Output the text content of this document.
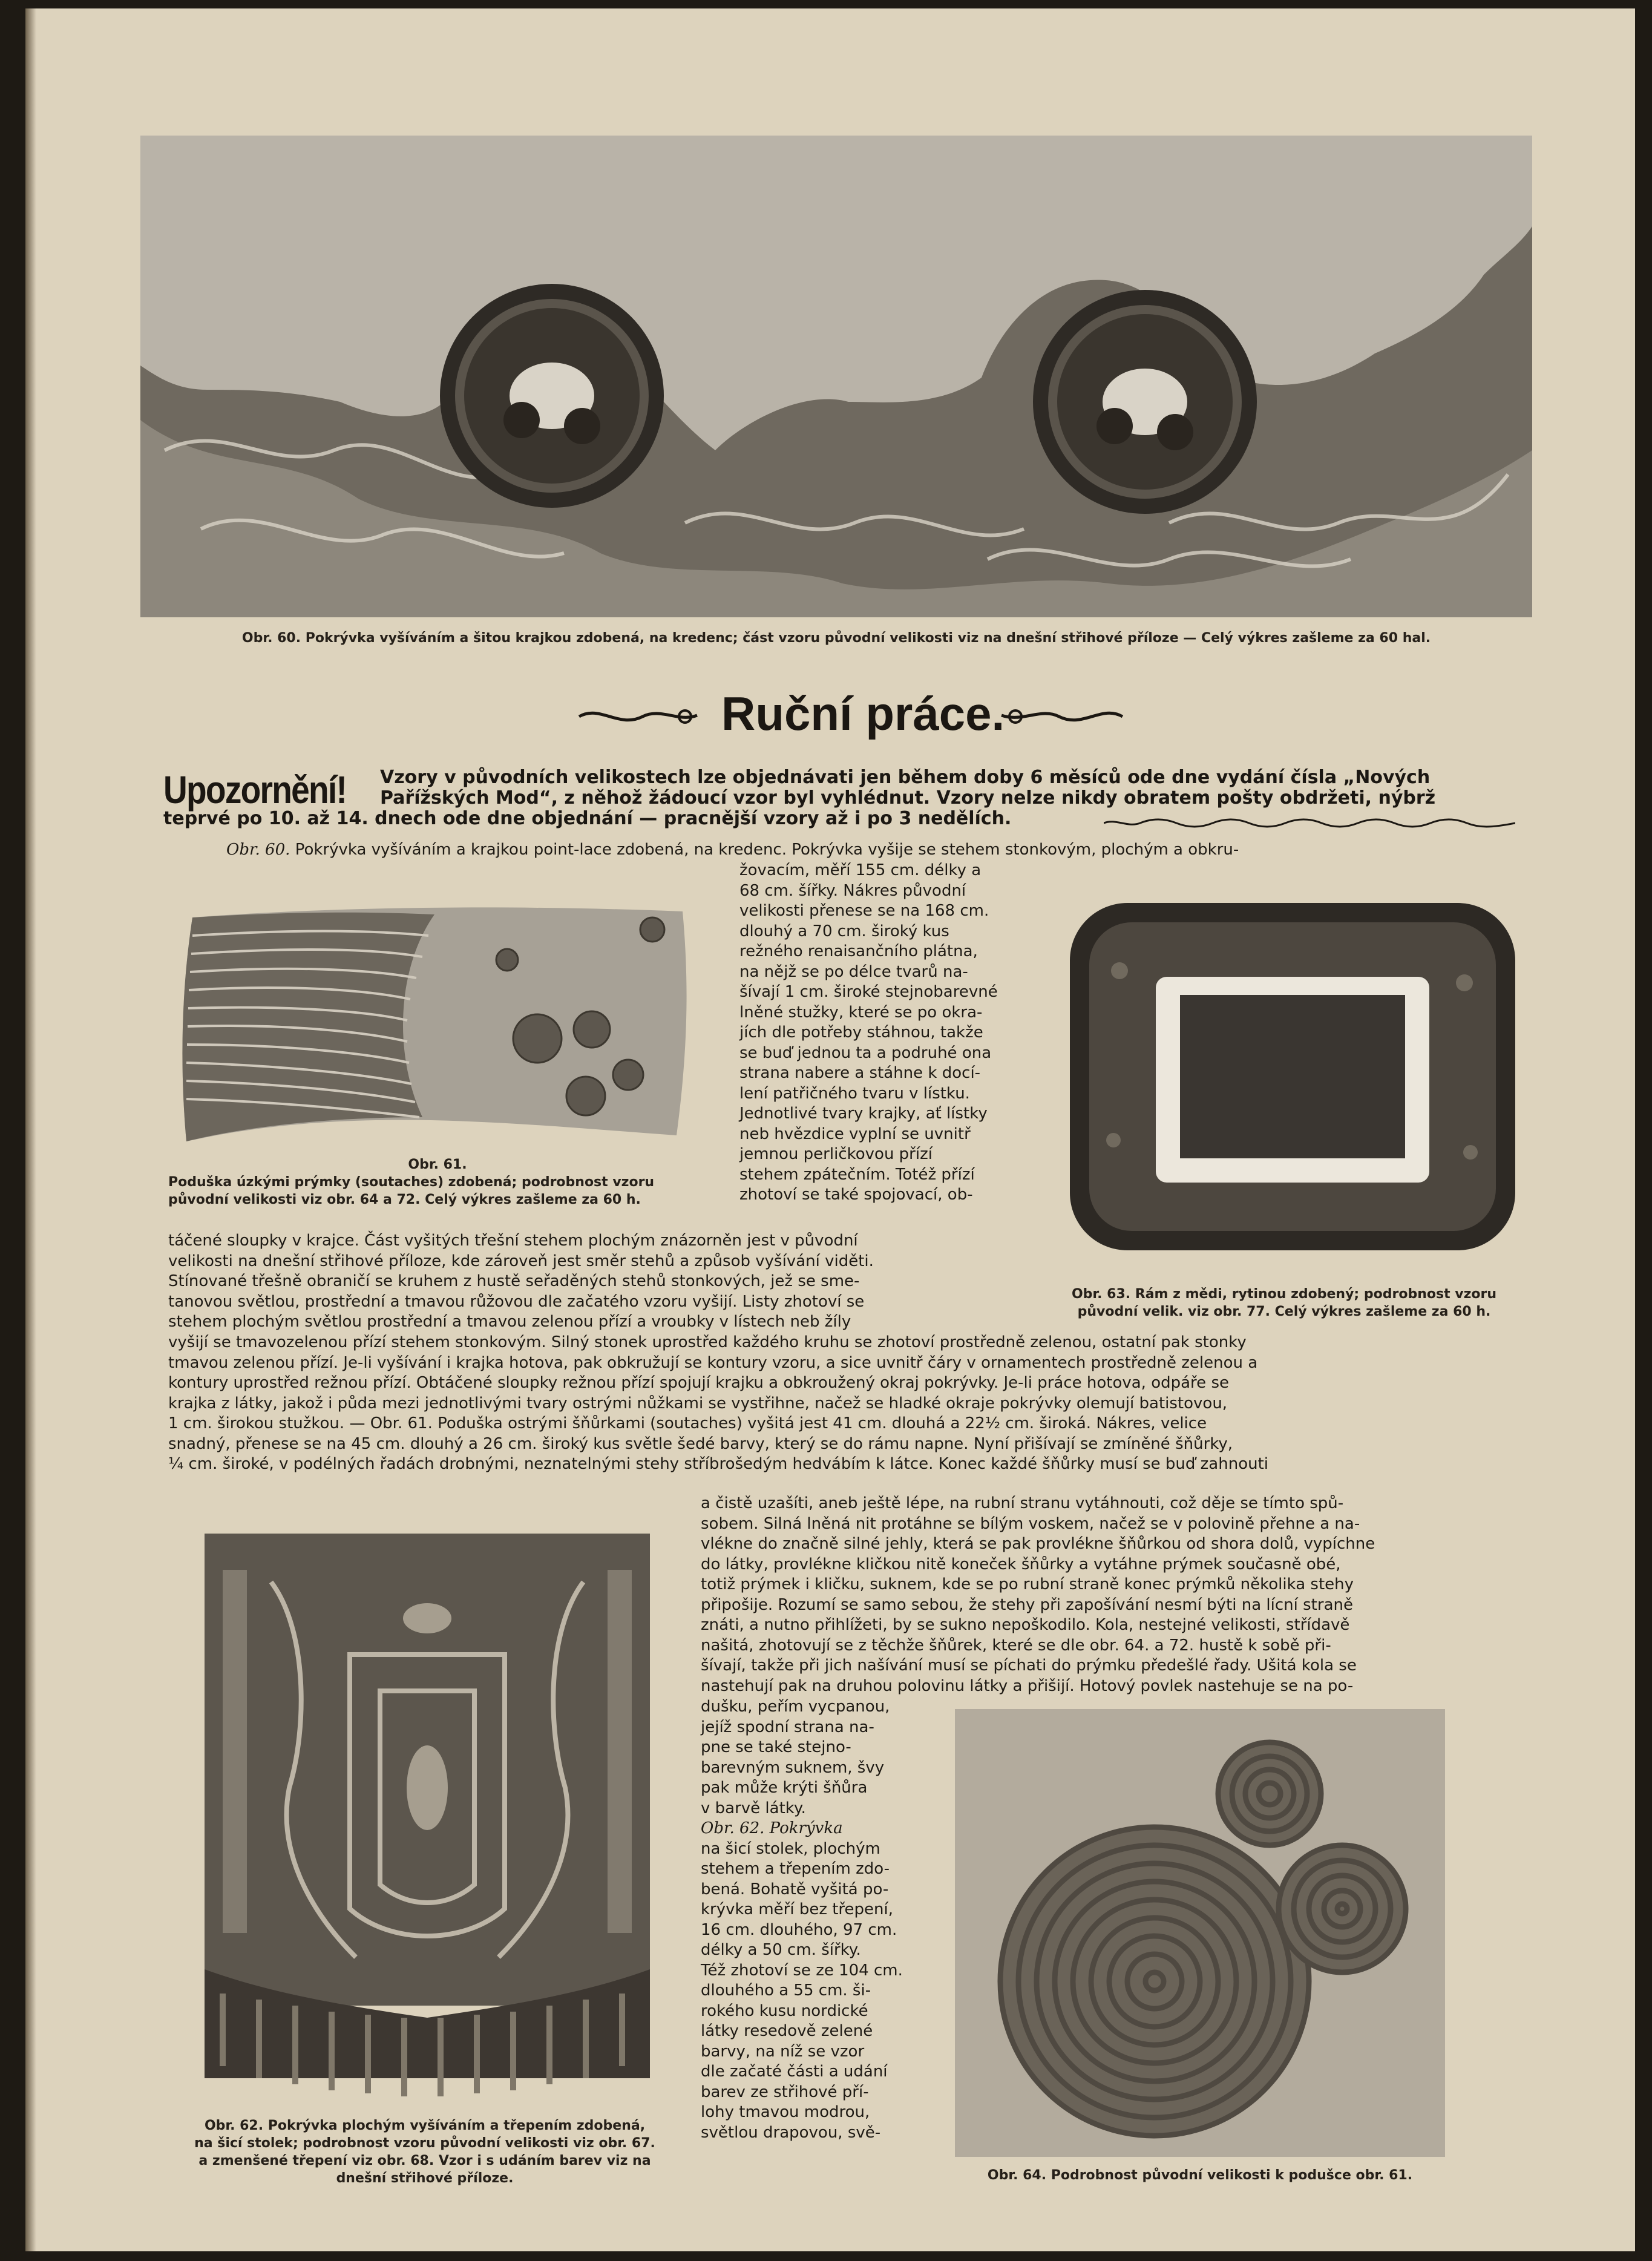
Obr. 60. Pokrývka vyšíváním a šitou krajkou zdobená, na kredenc; část vzoru původní velikosti viz na dnešní střihové příloze — Celý výkres zašleme za 60 hal.
Ruční práce.
Upozornění! Vzory v původních velikostech lze objednávati jen během doby 6 měsíců ode dne vydání čísla „Nových
Pařížských Mod“, z něhož žádoucí vzor byl vyhlédnut. Vzory nelze nikdy obratem pošty obdržeti, nýbrž
teprvé po 10. až 14. dnech ode dne objednání — pracnější vzory až i po 3 nedělích.
Obr. 60. Pokrývka vyšíváním a krajkou point-lace zdobená, na kredenc. Pokrývka vyšije se stehem stonkovým, plochým a obkru-
Obr. 61.
Poduška úzkými prýmky (soutaches) zdobená; podrobnost vzoru
původní velikosti viz obr. 64 a 72. Celý výkres zašleme za 60 h.

žovacím, měří 155 cm. délky a

68 cm. šířky. Nákres původní

velikosti přenese se na 168 cm.

dlouhý a 70 cm. široký kus

režného renaisančního plátna,

na nějž se po délce tvarů na-

šívají 1 cm. široké stejnobarevné

lněné stužky, které se po okra-

jích dle potřeby stáhnou, takže

se buď jednou ta a podruhé ona

strana nabere a stáhne k docí-

lení patřičného tvaru v lístku.

Jednotlivé tvary krajky, ať lístky

neb hvězdice vyplní se uvnitř

jemnou perličkovou přízí

stehem zpátečním. Totéž přízí

zhotoví se také spojovací, ob-

Obr. 63. Rám z mědi, rytinou zdobený; podrobnost vzoru
původní velik. viz obr. 77. Celý výkres zašleme za 60 h.

táčené sloupky v krajce. Část vyšitých třešní stehem plochým znázorněn jest v původní

velikosti na dnešní střihové příloze, kde zároveň jest směr stehů a způsob vyšívání viděti.

Stínované třešně obraničí se kruhem z hustě seřaděných stehů stonkových, jež se sme-

tanovou světlou, prostřední a tmavou růžovou dle začatého vzoru vyšijí. Listy zhotoví se

stehem plochým světlou prostřední a tmavou zelenou přízí a vroubky v lístech neb žíly

vyšijí se tmavozelenou přízí stehem stonkovým. Silný stonek uprostřed každého kruhu se zhotoví prostředně zelenou, ostatní pak stonky

tmavou zelenou přízí. Je-li vyšívání i krajka hotova, pak obkružují se kontury vzoru, a sice uvnitř čáry v ornamentech prostředně zelenou a

kontury uprostřed režnou přízí. Obtáčené sloupky režnou přízí spojují krajku a obkroužený okraj pokrývky. Je-li práce hotova, odpáře se

krajka z látky, jakož i půda mezi jednotlivými tvary ostrými nůžkami se vystřihne, načež se hladké okraje pokrývky olemují batistovou,

1 cm. širokou stužkou. — Obr. 61. Poduška ostrými šňůrkami (soutaches) vyšitá jest 41 cm. dlouhá a 22½ cm. široká. Nákres, velice

snadný, přenese se na 45 cm. dlouhý a 26 cm. široký kus světle šedé barvy, který se do rámu napne. Nyní přišívají se zmíněné šňůrky,

¼ cm. široké, v podélných řadách drobnými, neznatelnými stehy stříbrošedým hedvábím k látce. Konec každé šňůrky musí se buď zahnouti

Obr. 62. Pokrývka plochým vyšíváním a třepením zdobená,
na šicí stolek; podrobnost vzoru původní velikosti viz obr. 67.
a zmenšené třepení viz obr. 68. Vzor i s udáním barev viz na
dnešní střihové příloze.

a čistě uzašíti, aneb ještě lépe, na rubní stranu vytáhnouti, což děje se tímto spů-

sobem. Silná lněná nit protáhne se bílým voskem, načež se v polovině přehne a na-

vlékne do značně silné jehly, která se pak provlékne šňůrkou od shora dolů, vypíchne

do látky, provlékne kličkou nitě koneček šňůrky a vytáhne prýmek současně obé,

totiž prýmek i kličku, suknem, kde se po rubní straně konec prýmků několika stehy

připošije. Rozumí se samo sebou, že stehy při zapošívání nesmí býti na lícní straně

znáti, a nutno přihlížeti, by se sukno nepoškodilo. Kola, nestejné velikosti, střídavě

našitá, zhotovují se z těchže šňůrek, které se dle obr. 64. a 72. hustě k sobě při-

šívají, takže při jich našívání musí se píchati do prýmku předešlé řady. Ušitá kola se

nastehují pak na druhou polovinu látky a přišijí. Hotový povlek nastehuje se na po-

dušku, peřím vycpanou,

jejíž spodní strana na-

pne se také stejno-

barevným suknem, švy

pak může krýti šňůra

v barvě látky.

Obr. 62. Pokrývka

na šicí stolek, plochým

stehem a třepením zdo-

bená. Bohatě vyšitá po-

krývka měří bez třepení,

16 cm. dlouhého, 97 cm.

délky a 50 cm. šířky.

Též zhotoví se ze 104 cm.

dlouhého a 55 cm. ši-

rokého kusu nordické

látky resedově zelené

barvy, na níž se vzor

dle začaté části a udání

barev ze střihové pří-

lohy tmavou modrou,

světlou drapovou, svě-

Obr. 64. Podrobnost původní velikosti k podušce obr. 61.
